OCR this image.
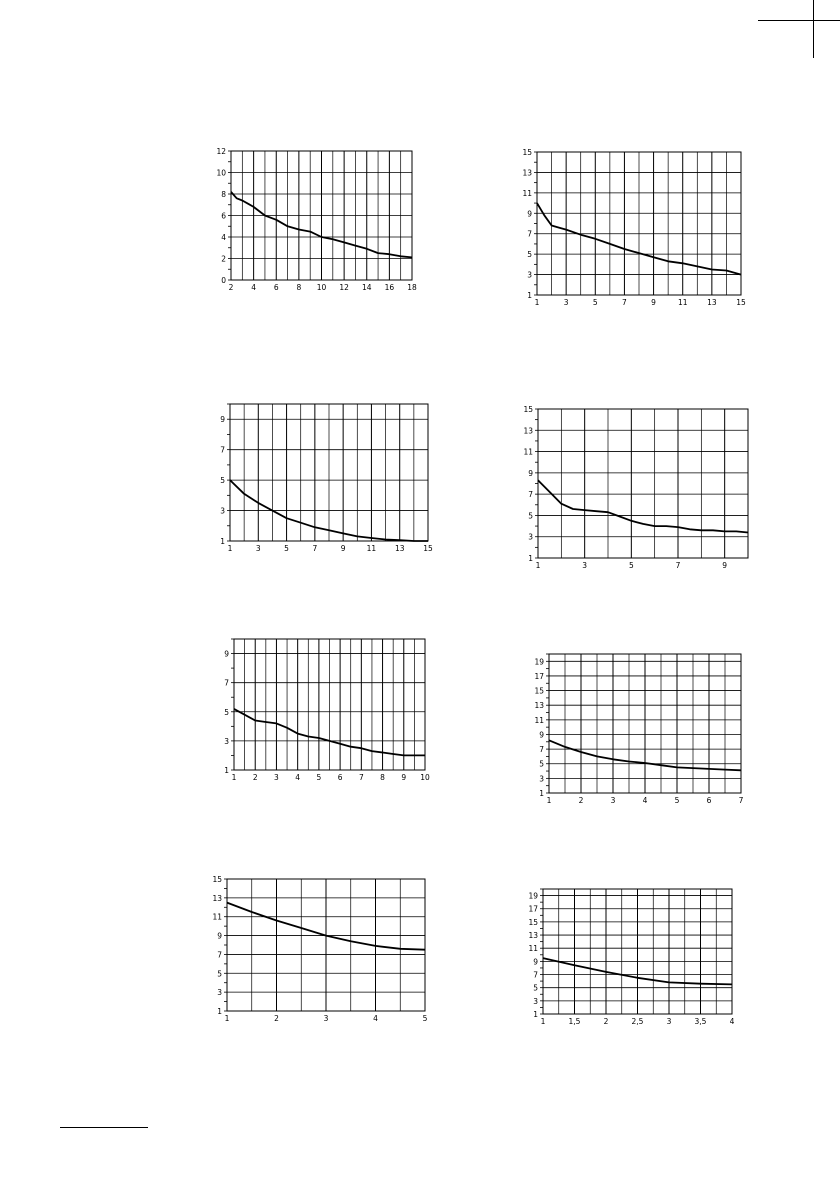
2 4 6 8 10 12 14 16 18
0
2
4
6
8
10
12
1	3	5	7	9	11	13	15
1
3
5
7
9
11
13
15
1	3	5	7	9	11 13 15
1
3
5
7
9
1	3	5	7	9
1
3
5
7
9
11
13
15
1 2 3 4 5 6 7 8 9 10
1
3
5
7
9
1	2	3	4	5	6	7
1
3
5
7
9
11
13
15
17
19
1	2	3	4	5
1
3
5
7
9
11
13
15
1	1,5	2	2,5	3	3,5	4
1
3
5
7
9
11
13
15
17
19
